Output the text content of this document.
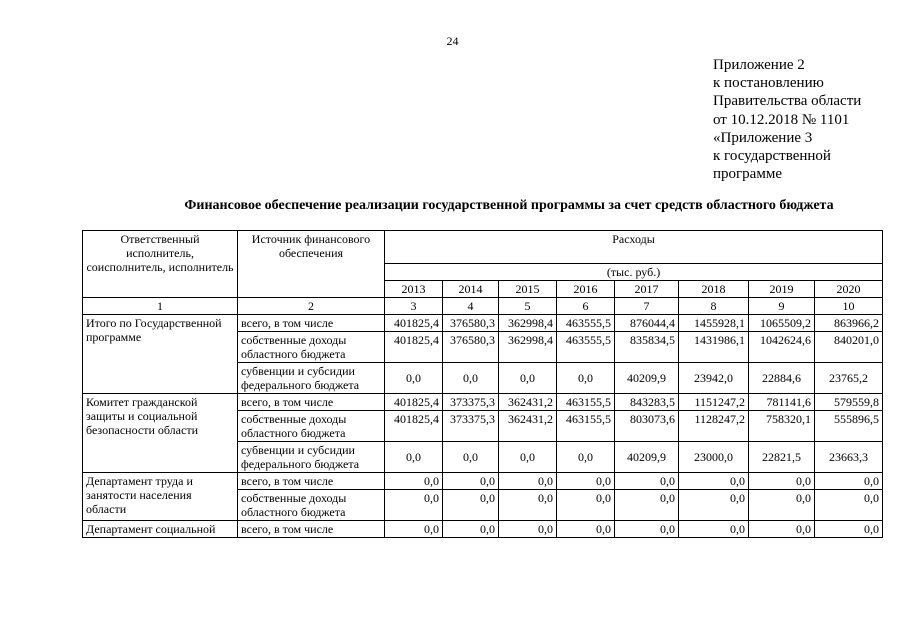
24
Приложение 2
к постановлению
Правительства области
от 10.12.2018 № 1101
«Приложение 3
к государственной
программе
Финансовое обеспечение реализации государственной программы за счет средств областного бюджета
Ответственный исполнитель, соисполнитель, исполнитель	Источник финансового обеспечения	Расходы							
		(тыс. руб.)							
		2013	2014	2015	2016	2017	2018	2019	2020
1	2	3	4	5	6	7	8	9	10
Итого по Государственной программе	всего, в том числе	401825,4	376580,3	362998,4	463555,5	876044,4	1455928,1	1065509,2	863966,2
	собственные доходы областного бюджета	401825,4	376580,3	362998,4	463555,5	835834,5	1431986,1	1042624,6	840201,0
	субвенции и субсидии федерального бюджета	0,0	0,0	0,0	0,0	40209,9	23942,0	22884,6	23765,2
Комитет гражданской защиты и социальной безопасности области	всего, в том числе	401825,4	373375,3	362431,2	463155,5	843283,5	1151247,2	781141,6	579559,8
	собственные доходы областного бюджета	401825,4	373375,3	362431,2	463155,5	803073,6	1128247,2	758320,1	555896,5
	субвенции и субсидии федерального бюджета	0,0	0,0	0,0	0,0	40209,9	23000,0	22821,5	23663,3
Департамент труда и занятости населения области	всего, в том числе	0,0	0,0	0,0	0,0	0,0	0,0	0,0	0,0
	собственные доходы областного бюджета	0,0	0,0	0,0	0,0	0,0	0,0	0,0	0,0
Департамент социальной	всего, в том числе	0,0	0,0	0,0	0,0	0,0	0,0	0,0	0,0
